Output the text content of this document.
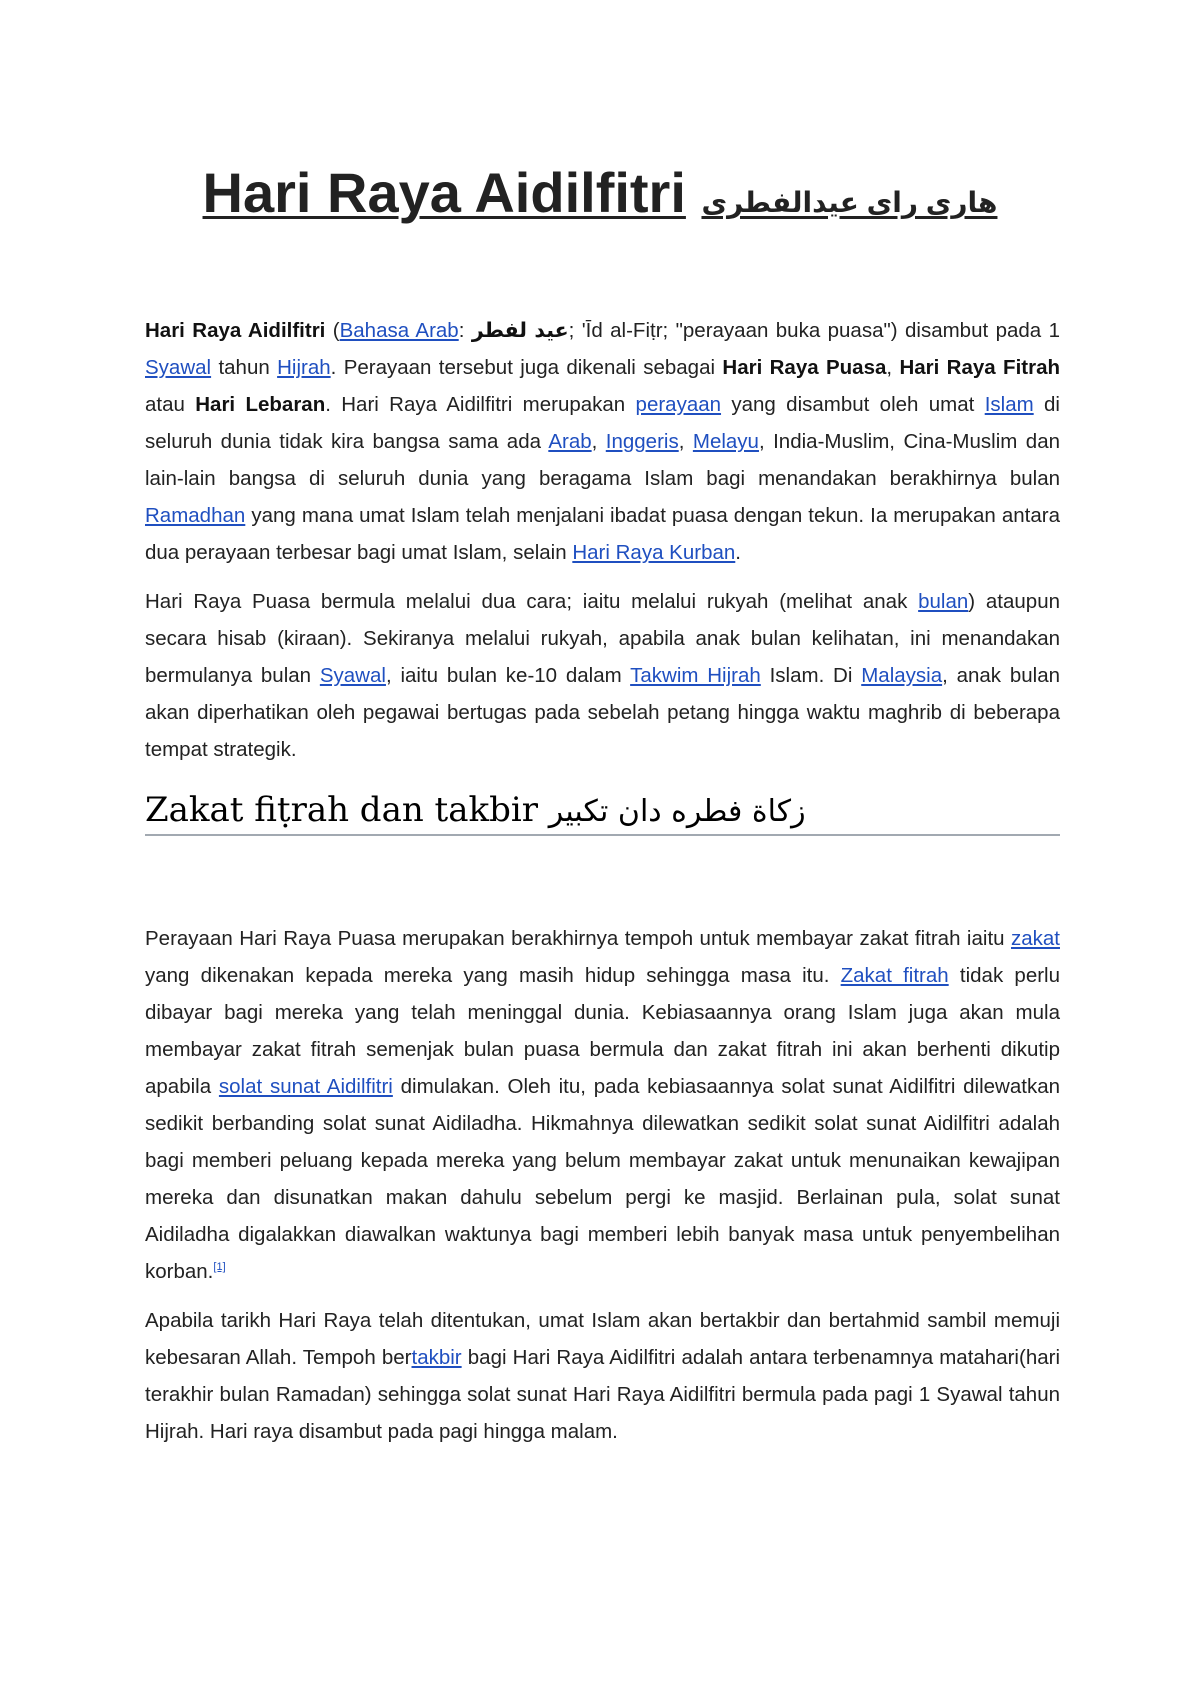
Hari Raya Aidilfitri هاری رای عیدالفطری

Hari Raya Aidilfitri (Bahasa Arab: عيد لفطر; 'Īd al-Fiṭr; "perayaan buka puasa") disambut pada 1 Syawal tahun Hijrah. Perayaan tersebut juga dikenali sebagai Hari Raya Puasa, Hari Raya Fitrah atau Hari Lebaran. Hari Raya Aidilfitri merupakan perayaan yang disambut oleh umat Islam di seluruh dunia tidak kira bangsa sama ada Arab, Inggeris, Melayu, India-Muslim, Cina-Muslim dan lain-lain bangsa di seluruh dunia yang beragama Islam bagi menandakan berakhirnya bulan Ramadhan yang mana umat Islam telah menjalani ibadat puasa dengan tekun. Ia merupakan antara dua perayaan terbesar bagi umat Islam, selain Hari Raya Kurban.

Hari Raya Puasa bermula melalui dua cara; iaitu melalui rukyah (melihat anak bulan) ataupun secara hisab (kiraan). Sekiranya melalui rukyah, apabila anak bulan kelihatan, ini menandakan bermulanya bulan Syawal, iaitu bulan ke-10 dalam Takwim Hijrah Islam. Di Malaysia, anak bulan akan diperhatikan oleh pegawai bertugas pada sebelah petang hingga waktu maghrib di beberapa tempat strategik.

Zakat fiṭrah dan takbir زكاة فطره دان تكبير

Perayaan Hari Raya Puasa merupakan berakhirnya tempoh untuk membayar zakat fitrah iaitu zakat yang dikenakan kepada mereka yang masih hidup sehingga masa itu. Zakat fitrah tidak perlu dibayar bagi mereka yang telah meninggal dunia. Kebiasaannya orang Islam juga akan mula membayar zakat fitrah semenjak bulan puasa bermula dan zakat fitrah ini akan berhenti dikutip apabila solat sunat Aidilfitri dimulakan. Oleh itu, pada kebiasaannya solat sunat Aidilfitri dilewatkan sedikit berbanding solat sunat Aidiladha. Hikmahnya dilewatkan sedikit solat sunat Aidilfitri adalah bagi memberi peluang kepada mereka yang belum membayar zakat untuk menunaikan kewajipan mereka dan disunatkan makan dahulu sebelum pergi ke masjid. Berlainan pula, solat sunat Aidiladha digalakkan diawalkan waktunya bagi memberi lebih banyak masa untuk penyembelihan korban.[1]

Apabila tarikh Hari Raya telah ditentukan, umat Islam akan bertakbir dan bertahmid sambil memuji kebesaran Allah. Tempoh bertakbir bagi Hari Raya Aidilfitri adalah antara terbenamnya matahari(hari terakhir bulan Ramadan) sehingga solat sunat Hari Raya Aidilfitri bermula pada pagi 1 Syawal tahun Hijrah. Hari raya disambut pada pagi hingga malam.
